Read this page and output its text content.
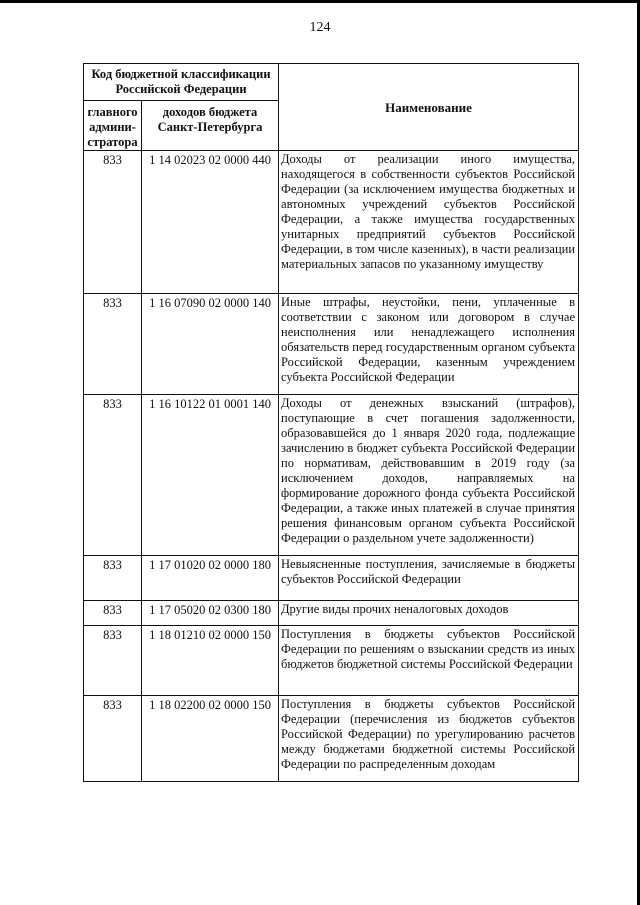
124
Код бюджетной классификации Российской Федерации		Наименование
главного админи-стратора	доходов бюджета Санкт-Петербурга	
833	1 14 02023 02 0000 440	Доходы от реализации иного имущества, находящегося в собственности субъектов Российской Федерации (за исключением имущества бюджетных и автономных учреждений субъектов Российской Федерации, а также имущества государственных унитарных предприятий субъектов Российской Федерации, в том числе казенных), в части реализации материальных запасов по указанному имуществу
833	1 16 07090 02 0000 140	Иные штрафы, неустойки, пени, уплаченные в соответствии с законом или договором в случае неисполнения или ненадлежащего исполнения обязательств перед государственным органом субъекта Российской Федерации, казенным учреждением субъекта Российской Федерации
833	1 16 10122 01 0001 140	Доходы от денежных взысканий (штрафов), поступающие в счет погашения задолженности, образовавшейся до 1 января 2020 года, подлежащие зачислению в бюджет субъекта Российской Федерации по нормативам, действовавшим в 2019 году (за исключением доходов, направляемых на формирование дорожного фонда субъекта Российской Федерации, а также иных платежей в случае принятия решения финансовым органом субъекта Российской Федерации о раздельном учете задолженности)
833	1 17 01020 02 0000 180	Невыясненные поступления, зачисляемые в бюджеты субъектов Российской Федерации
833	1 17 05020 02 0300 180	Другие виды прочих неналоговых доходов
833	1 18 01210 02 0000 150	Поступления в бюджеты субъектов Российской Федерации по решениям о взыскании средств из иных бюджетов бюджетной системы Российской Федерации
833	1 18 02200 02 0000 150	Поступления в бюджеты субъектов Российской Федерации (перечисления из бюджетов субъектов Российской Федерации) по урегулированию расчетов между бюджетами бюджетной системы Российской Федерации по распределенным доходам
